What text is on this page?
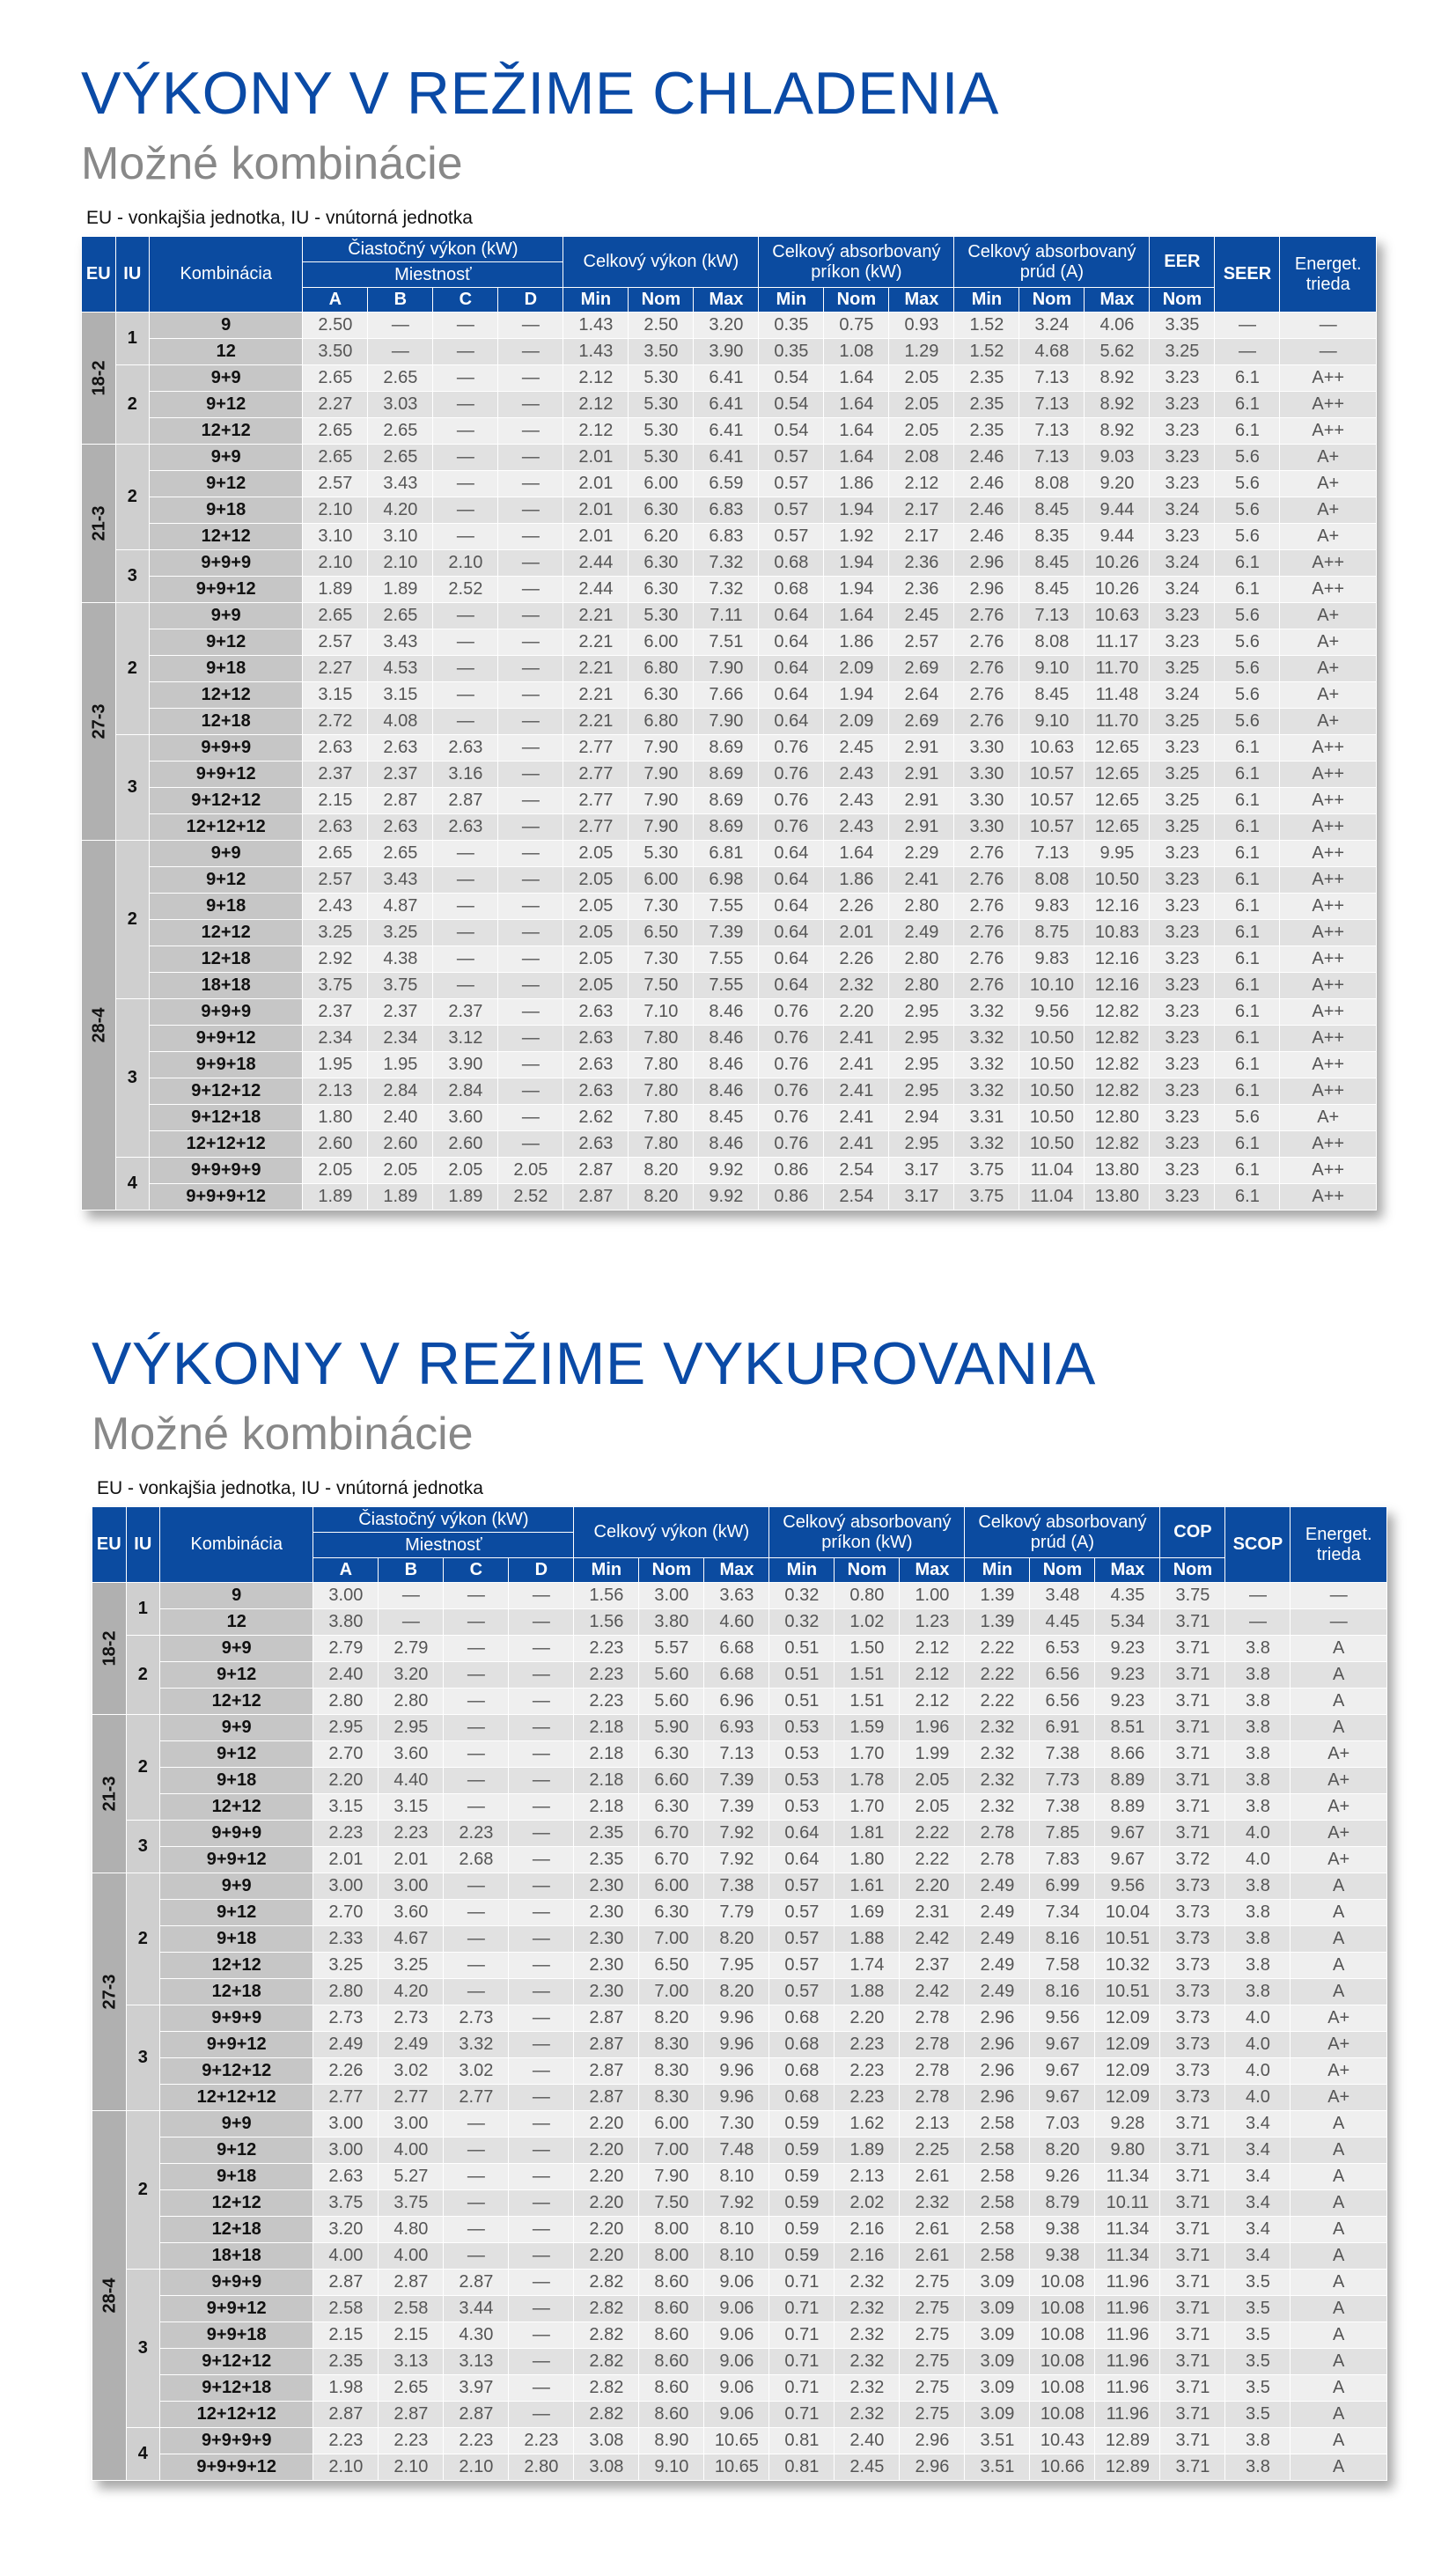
VÝKONY V REŽIME CHLADENIA
Možné kombinácie
EU - vonkajšia jednotka, IU - vnútorná jednotka
EU	IU	Kombinácia	Čiastočný výkon (kW)				Celkový výkon (kW)			Celkový absorbovaný príkon (kW)			Celkový absorbovaný prúd (A)			EER	SEER	Energet. trieda
			Miestnosť															
			A	B	C	D	Min	Nom	Max	Min	Nom	Max	Min	Nom	Max	Nom		
18-2	1	9	2.50	—	—	—	1.43	2.50	3.20	0.35	0.75	0.93	1.52	3.24	4.06	3.35	—	—
		12	3.50	—	—	—	1.43	3.50	3.90	0.35	1.08	1.29	1.52	4.68	5.62	3.25	—	—
	2	9+9	2.65	2.65	—	—	2.12	5.30	6.41	0.54	1.64	2.05	2.35	7.13	8.92	3.23	6.1	A++
		9+12	2.27	3.03	—	—	2.12	5.30	6.41	0.54	1.64	2.05	2.35	7.13	8.92	3.23	6.1	A++
		12+12	2.65	2.65	—	—	2.12	5.30	6.41	0.54	1.64	2.05	2.35	7.13	8.92	3.23	6.1	A++
21-3	2	9+9	2.65	2.65	—	—	2.01	5.30	6.41	0.57	1.64	2.08	2.46	7.13	9.03	3.23	5.6	A+
		9+12	2.57	3.43	—	—	2.01	6.00	6.59	0.57	1.86	2.12	2.46	8.08	9.20	3.23	5.6	A+
		9+18	2.10	4.20	—	—	2.01	6.30	6.83	0.57	1.94	2.17	2.46	8.45	9.44	3.24	5.6	A+
		12+12	3.10	3.10	—	—	2.01	6.20	6.83	0.57	1.92	2.17	2.46	8.35	9.44	3.23	5.6	A+
	3	9+9+9	2.10	2.10	2.10	—	2.44	6.30	7.32	0.68	1.94	2.36	2.96	8.45	10.26	3.24	6.1	A++
		9+9+12	1.89	1.89	2.52	—	2.44	6.30	7.32	0.68	1.94	2.36	2.96	8.45	10.26	3.24	6.1	A++
27-3	2	9+9	2.65	2.65	—	—	2.21	5.30	7.11	0.64	1.64	2.45	2.76	7.13	10.63	3.23	5.6	A+
		9+12	2.57	3.43	—	—	2.21	6.00	7.51	0.64	1.86	2.57	2.76	8.08	11.17	3.23	5.6	A+
		9+18	2.27	4.53	—	—	2.21	6.80	7.90	0.64	2.09	2.69	2.76	9.10	11.70	3.25	5.6	A+
		12+12	3.15	3.15	—	—	2.21	6.30	7.66	0.64	1.94	2.64	2.76	8.45	11.48	3.24	5.6	A+
		12+18	2.72	4.08	—	—	2.21	6.80	7.90	0.64	2.09	2.69	2.76	9.10	11.70	3.25	5.6	A+
	3	9+9+9	2.63	2.63	2.63	—	2.77	7.90	8.69	0.76	2.45	2.91	3.30	10.63	12.65	3.23	6.1	A++
		9+9+12	2.37	2.37	3.16	—	2.77	7.90	8.69	0.76	2.43	2.91	3.30	10.57	12.65	3.25	6.1	A++
		9+12+12	2.15	2.87	2.87	—	2.77	7.90	8.69	0.76	2.43	2.91	3.30	10.57	12.65	3.25	6.1	A++
		12+12+12	2.63	2.63	2.63	—	2.77	7.90	8.69	0.76	2.43	2.91	3.30	10.57	12.65	3.25	6.1	A++
28-4	2	9+9	2.65	2.65	—	—	2.05	5.30	6.81	0.64	1.64	2.29	2.76	7.13	9.95	3.23	6.1	A++
		9+12	2.57	3.43	—	—	2.05	6.00	6.98	0.64	1.86	2.41	2.76	8.08	10.50	3.23	6.1	A++
		9+18	2.43	4.87	—	—	2.05	7.30	7.55	0.64	2.26	2.80	2.76	9.83	12.16	3.23	6.1	A++
		12+12	3.25	3.25	—	—	2.05	6.50	7.39	0.64	2.01	2.49	2.76	8.75	10.83	3.23	6.1	A++
		12+18	2.92	4.38	—	—	2.05	7.30	7.55	0.64	2.26	2.80	2.76	9.83	12.16	3.23	6.1	A++
		18+18	3.75	3.75	—	—	2.05	7.50	7.55	0.64	2.32	2.80	2.76	10.10	12.16	3.23	6.1	A++
	3	9+9+9	2.37	2.37	2.37	—	2.63	7.10	8.46	0.76	2.20	2.95	3.32	9.56	12.82	3.23	6.1	A++
		9+9+12	2.34	2.34	3.12	—	2.63	7.80	8.46	0.76	2.41	2.95	3.32	10.50	12.82	3.23	6.1	A++
		9+9+18	1.95	1.95	3.90	—	2.63	7.80	8.46	0.76	2.41	2.95	3.32	10.50	12.82	3.23	6.1	A++
		9+12+12	2.13	2.84	2.84	—	2.63	7.80	8.46	0.76	2.41	2.95	3.32	10.50	12.82	3.23	6.1	A++
		9+12+18	1.80	2.40	3.60	—	2.62	7.80	8.45	0.76	2.41	2.94	3.31	10.50	12.80	3.23	5.6	A+
		12+12+12	2.60	2.60	2.60	—	2.63	7.80	8.46	0.76	2.41	2.95	3.32	10.50	12.82	3.23	6.1	A++
	4	9+9+9+9	2.05	2.05	2.05	2.05	2.87	8.20	9.92	0.86	2.54	3.17	3.75	11.04	13.80	3.23	6.1	A++
		9+9+9+12	1.89	1.89	1.89	2.52	2.87	8.20	9.92	0.86	2.54	3.17	3.75	11.04	13.80	3.23	6.1	A++
VÝKONY V REŽIME VYKUROVANIA
Možné kombinácie
EU - vonkajšia jednotka, IU - vnútorná jednotka
EU	IU	Kombinácia	Čiastočný výkon (kW)				Celkový výkon (kW)			Celkový absorbovaný príkon (kW)			Celkový absorbovaný prúd (A)			COP	SCOP	Energet. trieda
			Miestnosť															
			A	B	C	D	Min	Nom	Max	Min	Nom	Max	Min	Nom	Max	Nom		
18-2	1	9	3.00	—	—	—	1.56	3.00	3.63	0.32	0.80	1.00	1.39	3.48	4.35	3.75	—	—
		12	3.80	—	—	—	1.56	3.80	4.60	0.32	1.02	1.23	1.39	4.45	5.34	3.71	—	—
	2	9+9	2.79	2.79	—	—	2.23	5.57	6.68	0.51	1.50	2.12	2.22	6.53	9.23	3.71	3.8	A
		9+12	2.40	3.20	—	—	2.23	5.60	6.68	0.51	1.51	2.12	2.22	6.56	9.23	3.71	3.8	A
		12+12	2.80	2.80	—	—	2.23	5.60	6.96	0.51	1.51	2.12	2.22	6.56	9.23	3.71	3.8	A
21-3	2	9+9	2.95	2.95	—	—	2.18	5.90	6.93	0.53	1.59	1.96	2.32	6.91	8.51	3.71	3.8	A
		9+12	2.70	3.60	—	—	2.18	6.30	7.13	0.53	1.70	1.99	2.32	7.38	8.66	3.71	3.8	A+
		9+18	2.20	4.40	—	—	2.18	6.60	7.39	0.53	1.78	2.05	2.32	7.73	8.89	3.71	3.8	A+
		12+12	3.15	3.15	—	—	2.18	6.30	7.39	0.53	1.70	2.05	2.32	7.38	8.89	3.71	3.8	A+
	3	9+9+9	2.23	2.23	2.23	—	2.35	6.70	7.92	0.64	1.81	2.22	2.78	7.85	9.67	3.71	4.0	A+
		9+9+12	2.01	2.01	2.68	—	2.35	6.70	7.92	0.64	1.80	2.22	2.78	7.83	9.67	3.72	4.0	A+
27-3	2	9+9	3.00	3.00	—	—	2.30	6.00	7.38	0.57	1.61	2.20	2.49	6.99	9.56	3.73	3.8	A
		9+12	2.70	3.60	—	—	2.30	6.30	7.79	0.57	1.69	2.31	2.49	7.34	10.04	3.73	3.8	A
		9+18	2.33	4.67	—	—	2.30	7.00	8.20	0.57	1.88	2.42	2.49	8.16	10.51	3.73	3.8	A
		12+12	3.25	3.25	—	—	2.30	6.50	7.95	0.57	1.74	2.37	2.49	7.58	10.32	3.73	3.8	A
		12+18	2.80	4.20	—	—	2.30	7.00	8.20	0.57	1.88	2.42	2.49	8.16	10.51	3.73	3.8	A
	3	9+9+9	2.73	2.73	2.73	—	2.87	8.20	9.96	0.68	2.20	2.78	2.96	9.56	12.09	3.73	4.0	A+
		9+9+12	2.49	2.49	3.32	—	2.87	8.30	9.96	0.68	2.23	2.78	2.96	9.67	12.09	3.73	4.0	A+
		9+12+12	2.26	3.02	3.02	—	2.87	8.30	9.96	0.68	2.23	2.78	2.96	9.67	12.09	3.73	4.0	A+
		12+12+12	2.77	2.77	2.77	—	2.87	8.30	9.96	0.68	2.23	2.78	2.96	9.67	12.09	3.73	4.0	A+
28-4	2	9+9	3.00	3.00	—	—	2.20	6.00	7.30	0.59	1.62	2.13	2.58	7.03	9.28	3.71	3.4	A
		9+12	3.00	4.00	—	—	2.20	7.00	7.48	0.59	1.89	2.25	2.58	8.20	9.80	3.71	3.4	A
		9+18	2.63	5.27	—	—	2.20	7.90	8.10	0.59	2.13	2.61	2.58	9.26	11.34	3.71	3.4	A
		12+12	3.75	3.75	—	—	2.20	7.50	7.92	0.59	2.02	2.32	2.58	8.79	10.11	3.71	3.4	A
		12+18	3.20	4.80	—	—	2.20	8.00	8.10	0.59	2.16	2.61	2.58	9.38	11.34	3.71	3.4	A
		18+18	4.00	4.00	—	—	2.20	8.00	8.10	0.59	2.16	2.61	2.58	9.38	11.34	3.71	3.4	A
	3	9+9+9	2.87	2.87	2.87	—	2.82	8.60	9.06	0.71	2.32	2.75	3.09	10.08	11.96	3.71	3.5	A
		9+9+12	2.58	2.58	3.44	—	2.82	8.60	9.06	0.71	2.32	2.75	3.09	10.08	11.96	3.71	3.5	A
		9+9+18	2.15	2.15	4.30	—	2.82	8.60	9.06	0.71	2.32	2.75	3.09	10.08	11.96	3.71	3.5	A
		9+12+12	2.35	3.13	3.13	—	2.82	8.60	9.06	0.71	2.32	2.75	3.09	10.08	11.96	3.71	3.5	A
		9+12+18	1.98	2.65	3.97	—	2.82	8.60	9.06	0.71	2.32	2.75	3.09	10.08	11.96	3.71	3.5	A
		12+12+12	2.87	2.87	2.87	—	2.82	8.60	9.06	0.71	2.32	2.75	3.09	10.08	11.96	3.71	3.5	A
	4	9+9+9+9	2.23	2.23	2.23	2.23	3.08	8.90	10.65	0.81	2.40	2.96	3.51	10.43	12.89	3.71	3.8	A
		9+9+9+12	2.10	2.10	2.10	2.80	3.08	9.10	10.65	0.81	2.45	2.96	3.51	10.66	12.89	3.71	3.8	A
